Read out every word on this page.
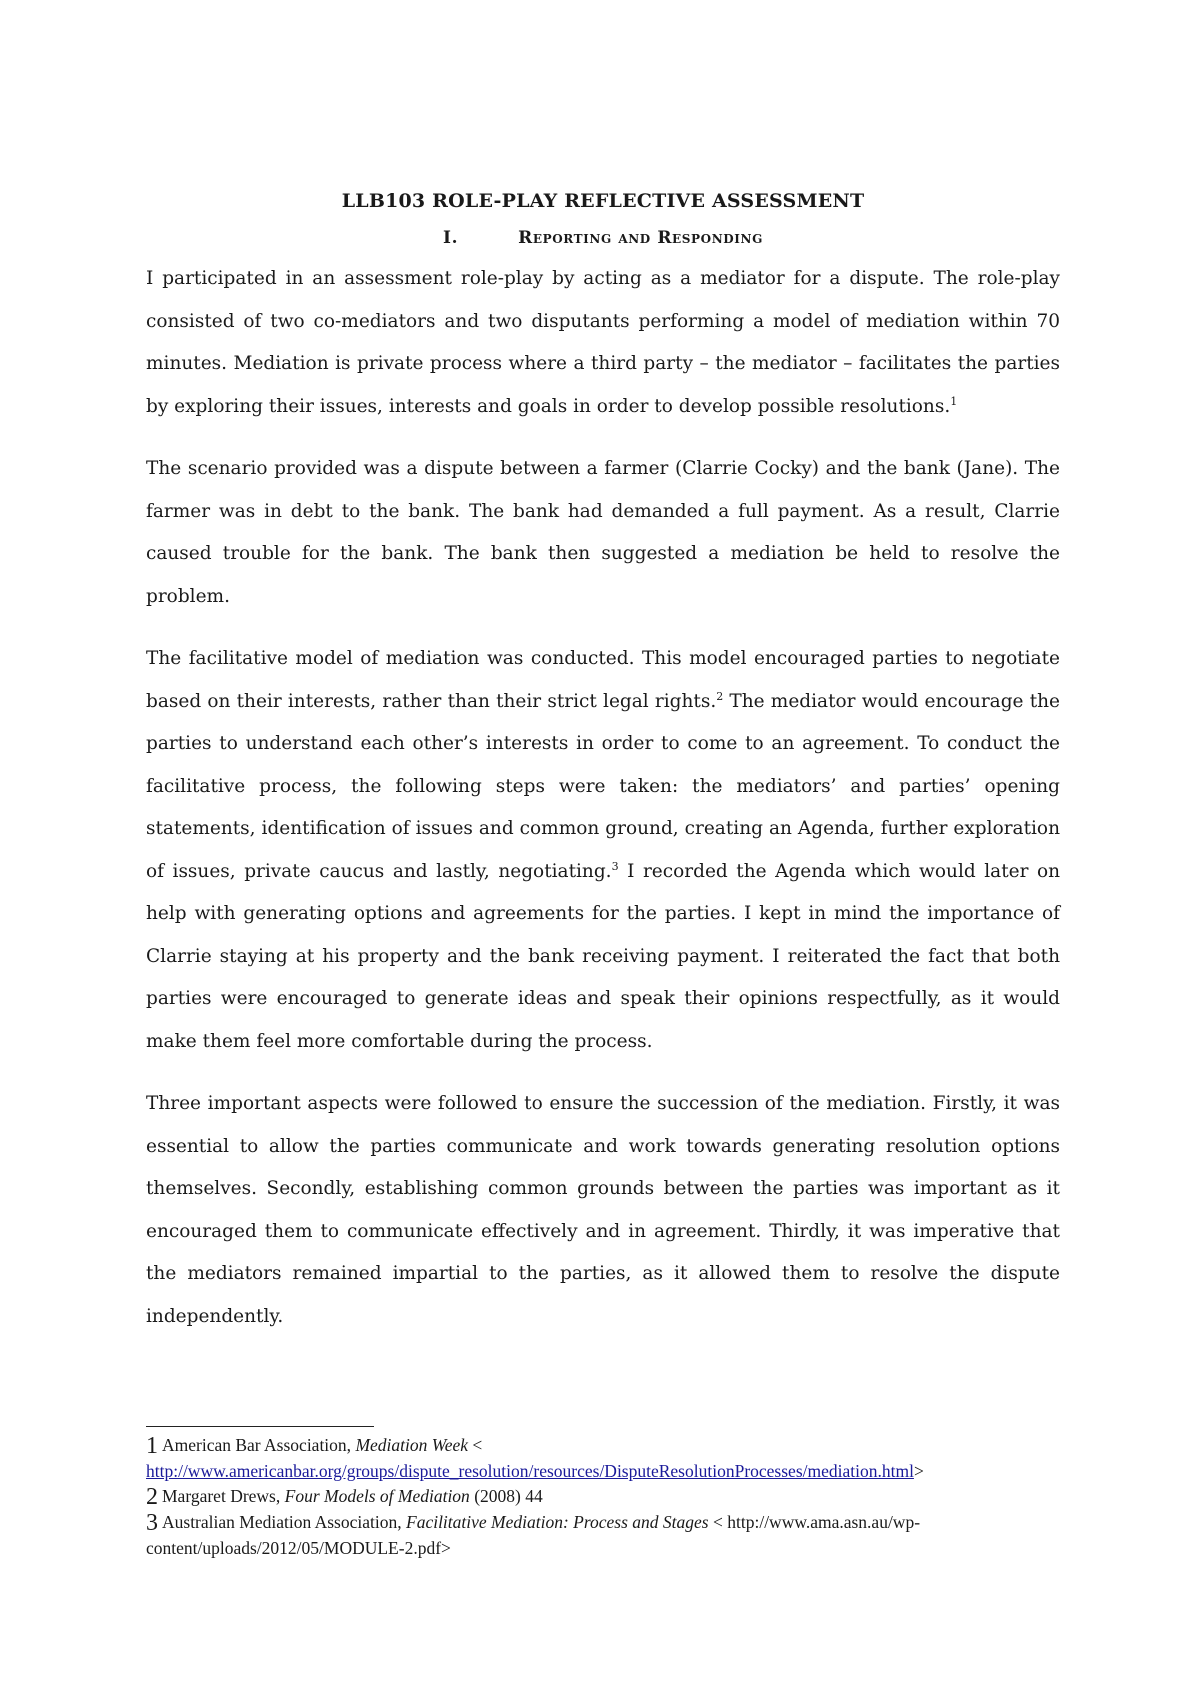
LLB103 ROLE-PLAY REFLECTIVE ASSESSMENT
I.	Reporting and Responding

I participated in an assessment role-play by acting as a mediator for a dispute. The role-play consisted of two co-mediators and two disputants performing a model of mediation within 70 minutes. Mediation is private process where a third party – the mediator – facilitates the parties by exploring their issues, interests and goals in order to develop possible resolutions.$^1$

The scenario provided was a dispute between a farmer (Clarrie Cocky) and the bank (Jane). The farmer was in debt to the bank. The bank had demanded a full payment. As a result, Clarrie caused trouble for the bank. The bank then suggested a mediation be held to resolve the problem.

The facilitative model of mediation was conducted. This model encouraged parties to negotiate based on their interests, rather than their strict legal rights.$^2$ The mediator would encourage the parties to understand each other’s interests in order to come to an agreement. To conduct the facilitative process, the following steps were taken: the mediators’ and parties’ opening statements, identification of issues and common ground, creating an Agenda, further exploration of issues, private caucus and lastly, negotiating.$^3$ I recorded the Agenda which would later on help with generating options and agreements for the parties. I kept in mind the importance of Clarrie staying at his property and the bank receiving payment. I reiterated the fact that both parties were encouraged to generate ideas and speak their opinions respectfully, as it would make them feel more comfortable during the process.

Three important aspects were followed to ensure the succession of the mediation. Firstly, it was essential to allow the parties communicate and work towards generating resolution options themselves. Secondly, establishing common grounds between the parties was important as it encouraged them to communicate effectively and in agreement. Thirdly, it was imperative that the mediators remained impartial to the parties, as it allowed them to resolve the dispute independently.

1 American Bar Association, Mediation Week <
http://www.americanbar.org/groups/dispute_resolution/resources/DisputeResolutionProcesses/mediation.html>

2 Margaret Drews, Four Models of Mediation (2008) 44

3 Australian Mediation Association, Facilitative Mediation: Process and Stages < http://www.ama.asn.au/wp-content/uploads/2012/05/MODULE-2.pdf>
